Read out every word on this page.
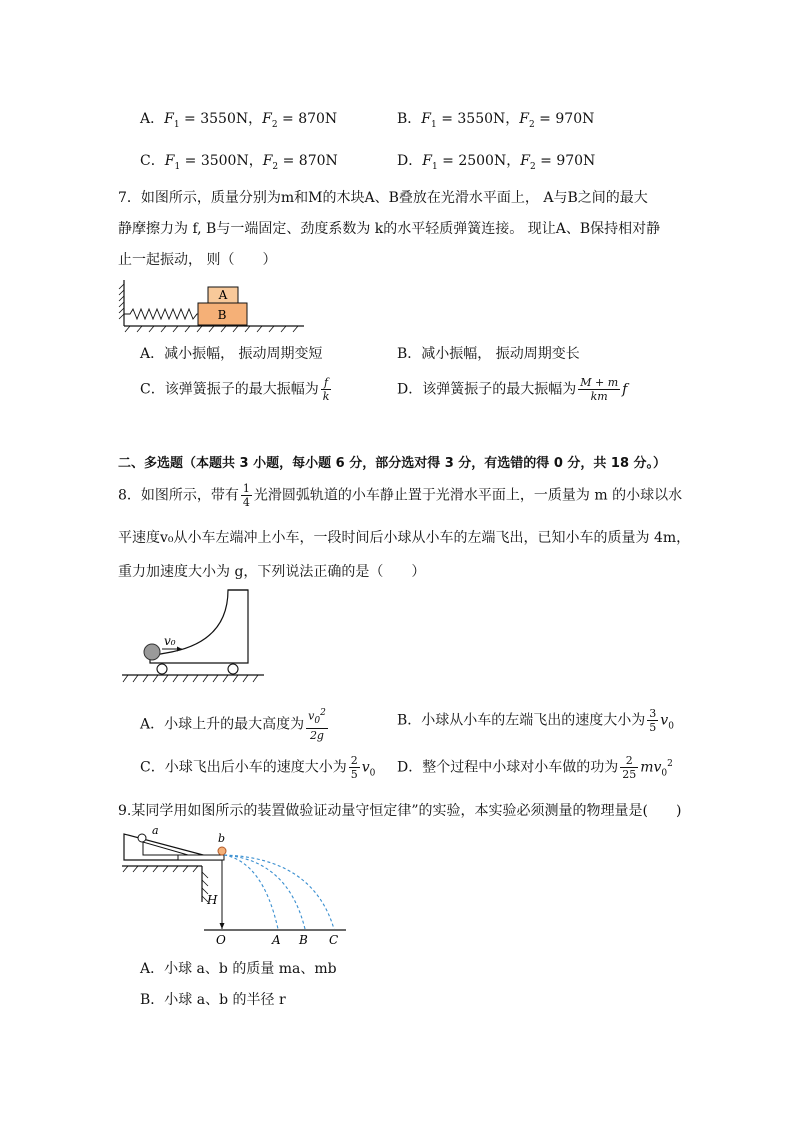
A．$F_1 = 3550N$，$F_2 = 870N$	B．$F_1 = 3550N$，$F_2 = 970N$
C．$F_1 = 3500N$，$F_2 = 870N$	D．$F_1 = 2500N$，$F_2 = 970N$
7．如图所示，质量分别为m和M的木块A、B叠放在光滑水平面上， A与B之间的最大
静摩擦力为 f, B与一端固定、劲度系数为 k的水平轻质弹簧连接。 现让A、B保持相对静
止一起振动， 则（　　）
A
B
A．减小振幅， 振动周期变短	B．减小振幅， 振动周期变长
C．该弹簧振子的最大振幅为 $\frac{f}{k}$	D．该弹簧振子的最大振幅为 $\frac{M + m}{km}$ f
二、多选题（本题共 3 小题，每小题 6 分，部分选对得 3 分，有选错的得 0 分，共 18 分。）
8．如图所示，带有 $\frac{1}{4}$ 光滑圆弧轨道的小车静止置于光滑水平面上，一质量为 m 的小球以水
平速度v₀从小车左端冲上小车，一段时间后小球从小车的左端飞出，已知小车的质量为 4m，
重力加速度大小为 g，下列说法正确的是（　　）
v₀
A．小球上升的最大高度为 $\frac{v_0^2}{2g}$	B．小球从小车的左端飞出的速度大小为 $\frac{3}{5} v_0$
C．小球飞出后小车的速度大小为 $\frac{2}{5} v_0$ D．整个过程中小球对小车做的功为 $\frac{2}{25} mv_0^2$
9.某同学用如图所示的装置做验证动量守恒定律”的实验，本实验必须测量的物理量是(　　)
a
b
H
O	A B C
A．小球 a、b 的质量 ma、mb
B．小球 a、b 的半径 r
